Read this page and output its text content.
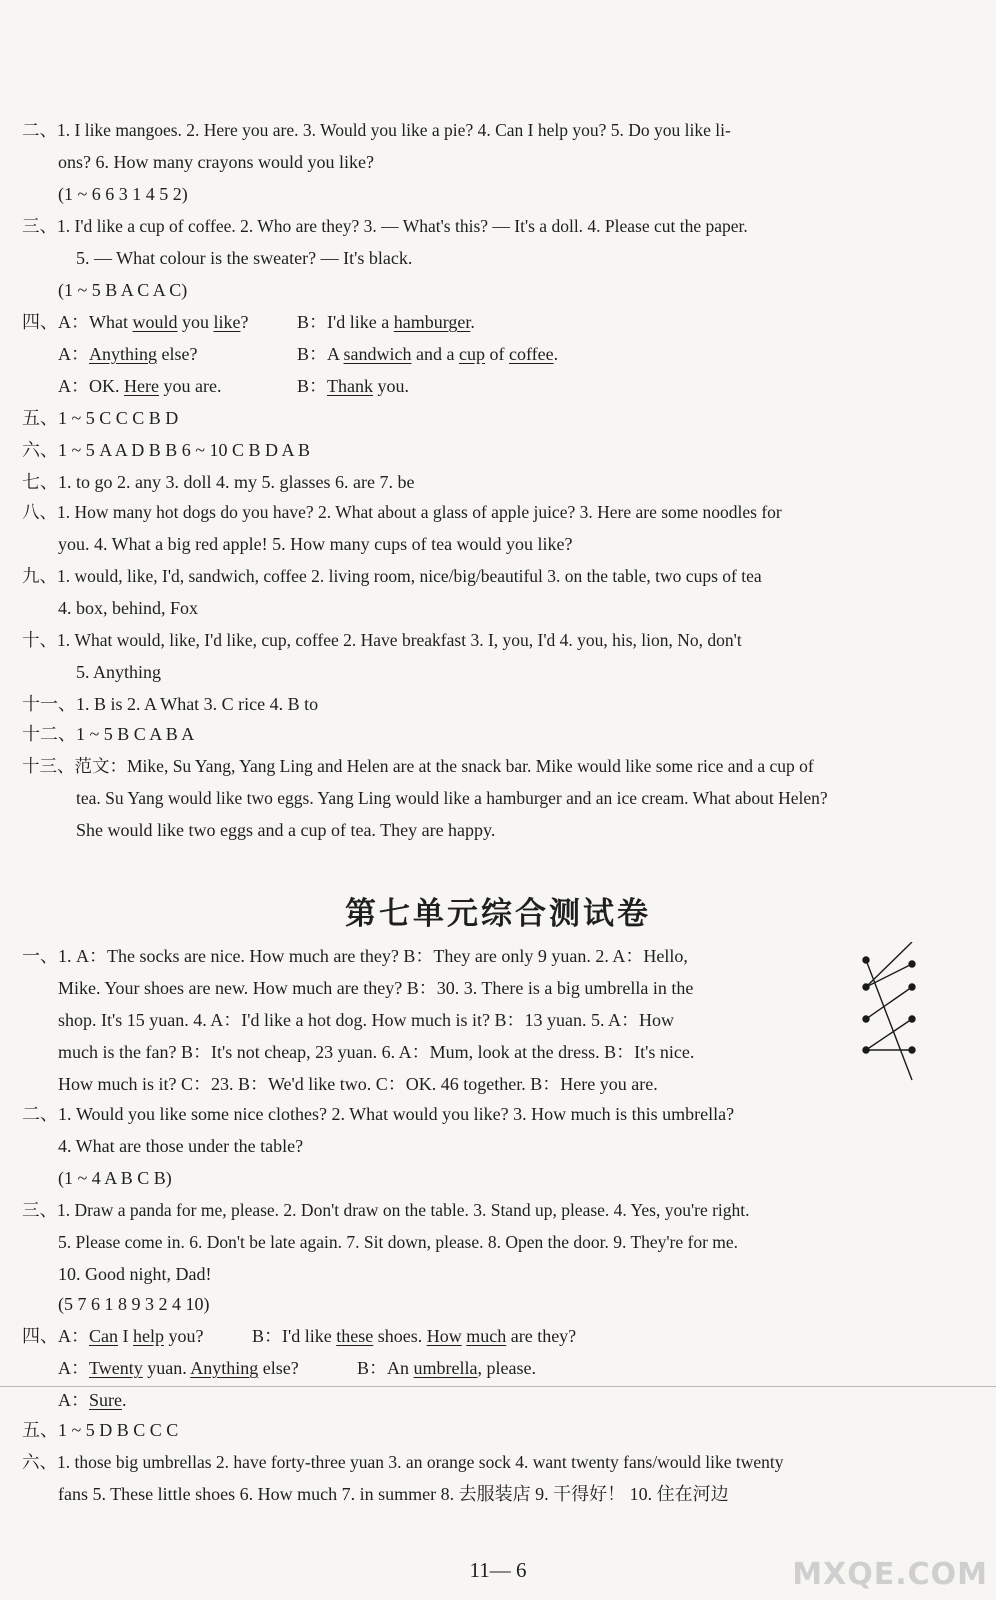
二、1. I like mangoes. 2. Here you are. 3. Would you like a pie? 4. Can I help you? 5. Do you like li-
ons? 6. How many crayons would you like?
(1 ~ 6 6 3 1 4 5 2)
三、1. I'd like a cup of coffee. 2. Who are they? 3. — What's this? — It's a doll. 4. Please cut the paper.
5. — What colour is the sweater? — It's black.
(1 ~ 5 B A C A C)
四、A：What would you like?	B：I'd like a hamburger.
A：Anything else?	B：A sandwich and a cup of coffee.
A：OK. Here you are.	B：Thank you.
五、1 ~ 5 C C C B D
六、1 ~ 5 A A D B B 6 ~ 10 C B D A B
七、1. to go 2. any 3. doll 4. my 5. glasses 6. are 7. be
八、1. How many hot dogs do you have? 2. What about a glass of apple juice? 3. Here are some noodles for
you. 4. What a big red apple! 5. How many cups of tea would you like?
九、1. would, like, I'd, sandwich, coffee 2. living room, nice/big/beautiful 3. on the table, two cups of tea
4. box, behind, Fox
十、1. What would, like, I'd like, cup, coffee 2. Have breakfast 3. I, you, I'd 4. you, his, lion, No, don't
5. Anything
十一、1. B is 2. A What 3. C rice 4. B to
十二、1 ~ 5 B C A B A
十三、范文：Mike, Su Yang, Yang Ling and Helen are at the snack bar. Mike would like some rice and a cup of
tea. Su Yang would like two eggs. Yang Ling would like a hamburger and an ice cream. What about Helen?
She would like two eggs and a cup of tea. They are happy.
第七单元综合测试卷
一、1. A：The socks are nice. How much are they? B：They are only 9 yuan. 2. A：Hello,
Mike. Your shoes are new. How much are they? B：30. 3. There is a big umbrella in the
shop. It's 15 yuan. 4. A：I'd like a hot dog. How much is it? B：13 yuan. 5. A：How
much is the fan? B：It's not cheap, 23 yuan. 6. A：Mum, look at the dress. B：It's nice.
How much is it? C：23. B：We'd like two. C：OK. 46 together. B：Here you are.
二、1. Would you like some nice clothes? 2. What would you like? 3. How much is this umbrella?
4. What are those under the table?
(1 ~ 4 A B C B)
三、1. Draw a panda for me, please. 2. Don't draw on the table. 3. Stand up, please. 4. Yes, you're right.
5. Please come in. 6. Don't be late again. 7. Sit down, please. 8. Open the door. 9. They're for me.
10. Good night, Dad!
(5 7 6 1 8 9 3 2 4 10)
四、A：Can I help you?	B：I'd like these shoes. How much are they?
A：Twenty yuan. Anything else?	B：An umbrella, please.
A：Sure.
五、1 ~ 5 D B C C C
六、1. those big umbrellas 2. have forty-three yuan 3. an orange sock 4. want twenty fans/would like twenty
fans 5. These little shoes 6. How much 7. in summer 8. 去服装店 9. 干得好！ 10. 住在河边
11— 6	MXQE.COM
